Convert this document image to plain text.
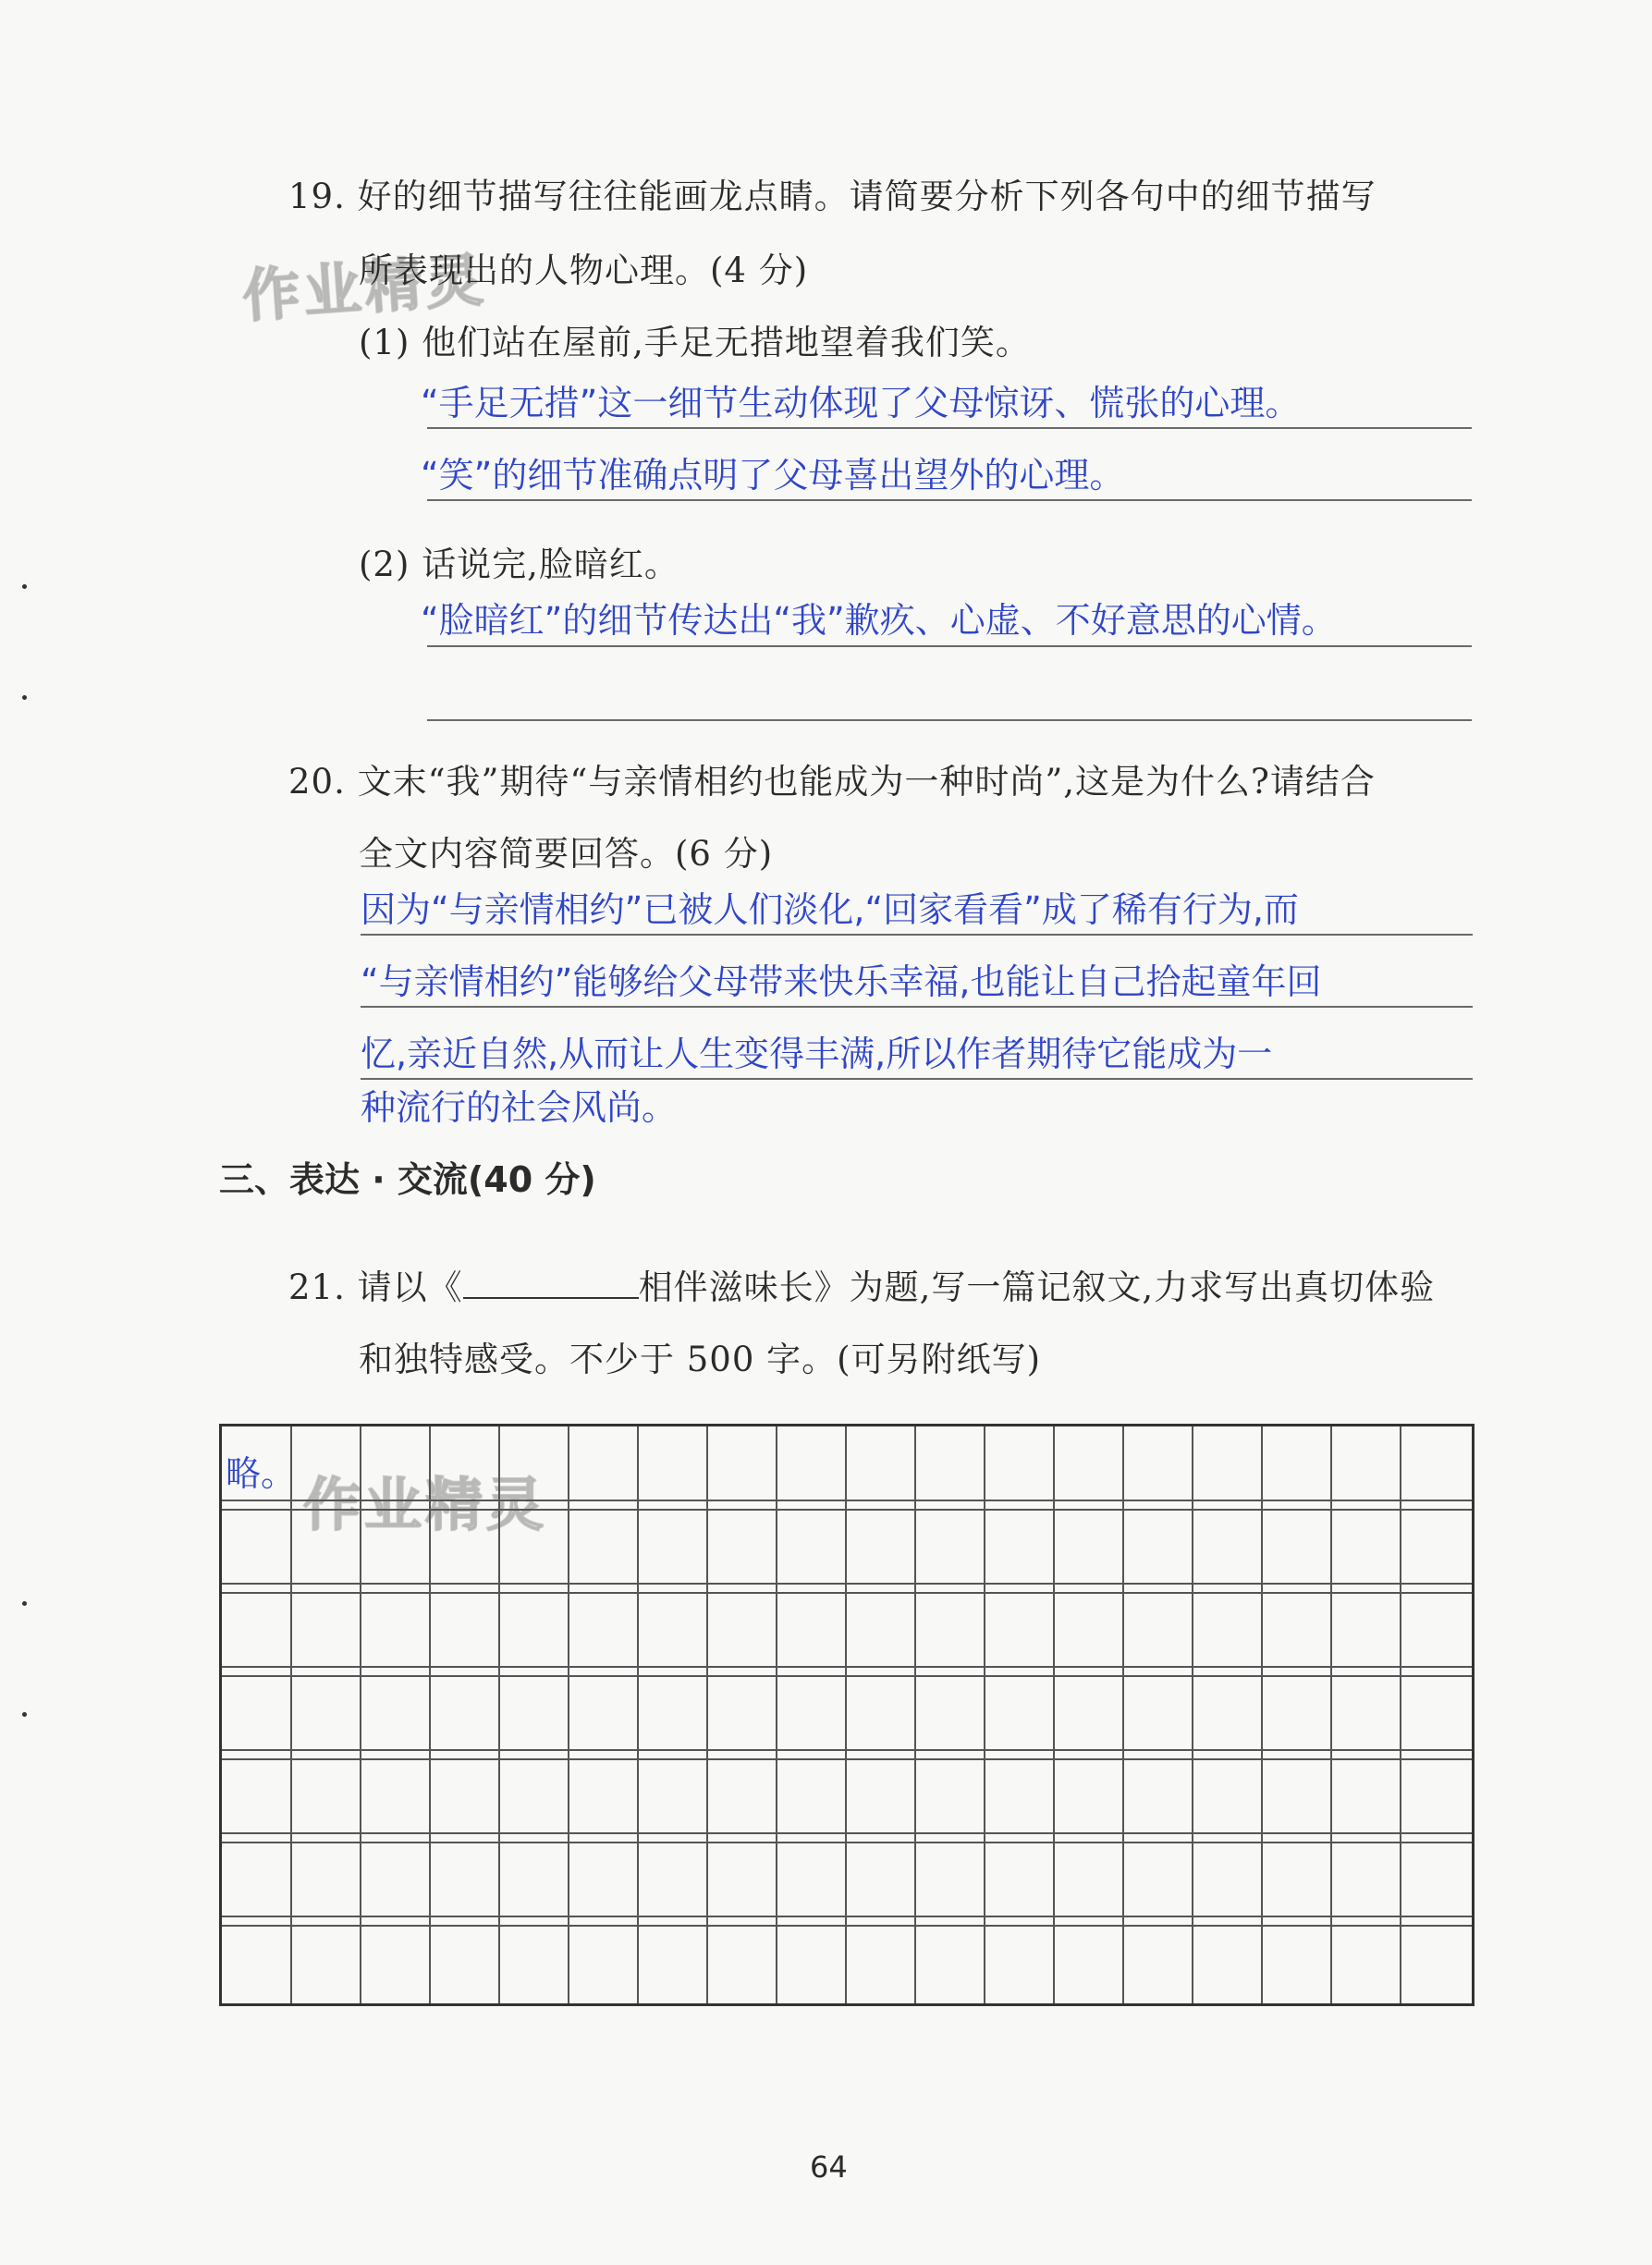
作业精灵
作业精灵
19. 好的细节描写往往能画龙点睛。请简要分析下列各句中的细节描写
所表现出的人物心理。(4 分)
(1) 他们站在屋前,手足无措地望着我们笑。
“手足无措”这一细节生动体现了父母惊讶、慌张的心理。
“笑”的细节准确点明了父母喜出望外的心理。
(2) 话说完,脸暗红。
“脸暗红”的细节传达出“我”歉疚、心虚、不好意思的心情。
20. 文末“我”期待“与亲情相约也能成为一种时尚”,这是为什么?请结合
全文内容简要回答。(6 分)
因为“与亲情相约”已被人们淡化,“回家看看”成了稀有行为,而
“与亲情相约”能够给父母带来快乐幸福,也能让自己拾起童年回
忆,亲近自然,从而让人生变得丰满,所以作者期待它能成为一
种流行的社会风尚。
三、表达 · 交流(40 分)
21. 请以《	相伴滋味长》为题,写一篇记叙文,力求写出真切体验
和独特感受。不少于 500 字。(可另附纸写)
略。
64
